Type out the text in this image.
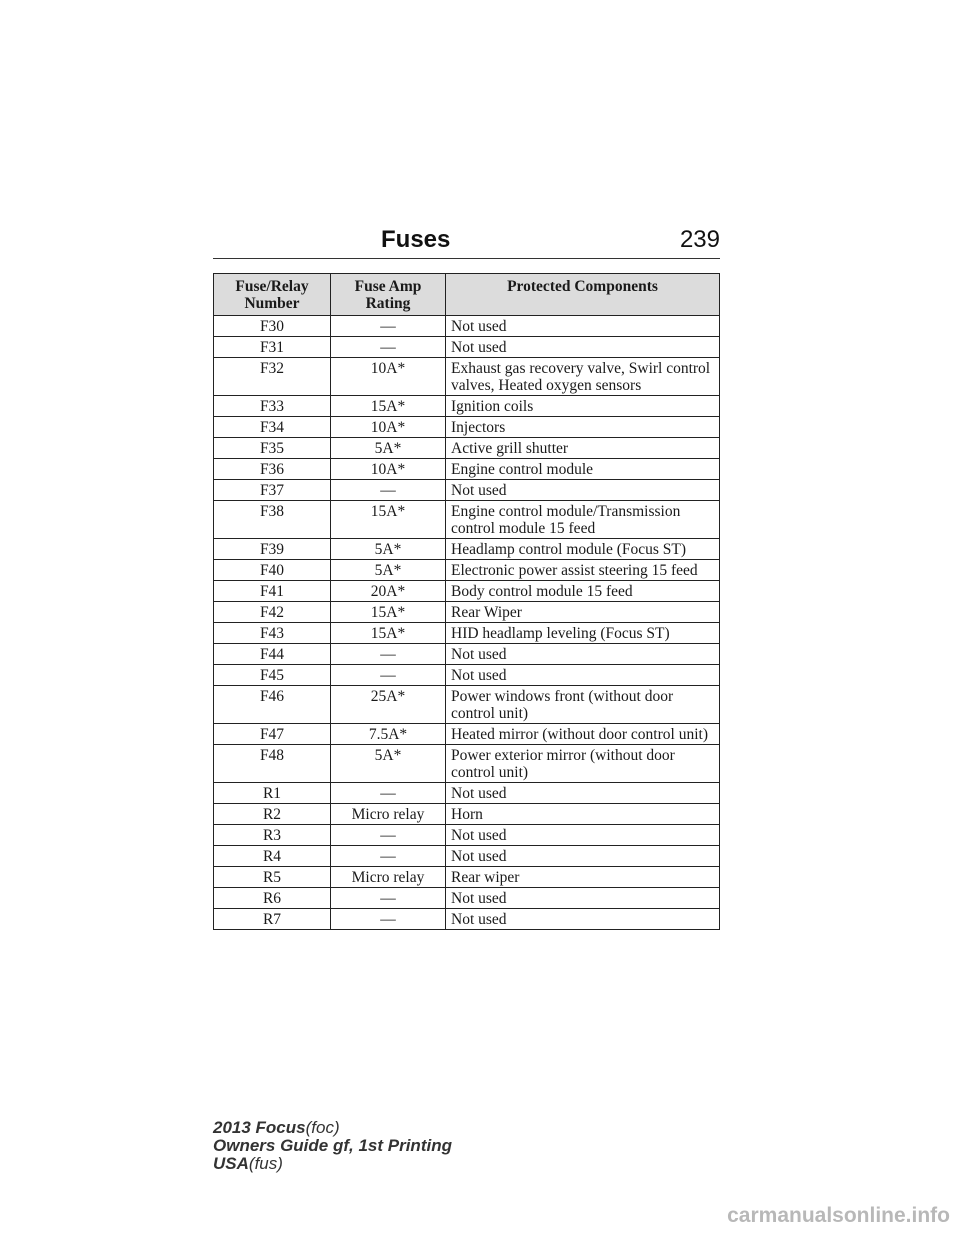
Fuses	239
Fuse/Relay Number	Fuse Amp Rating	Protected Components
F30	—	Not used
F31	—	Not used
F32	10A*	Exhaust gas recovery valve, Swirl control valves, Heated oxygen sensors
F33	15A*	Ignition coils
F34	10A*	Injectors
F35	5A*	Active grill shutter
F36	10A*	Engine control module
F37	—	Not used
F38	15A*	Engine control module/Transmission control module 15 feed
F39	5A*	Headlamp control module (Focus ST)
F40	5A*	Electronic power assist steering 15 feed
F41	20A*	Body control module 15 feed
F42	15A*	Rear Wiper
F43	15A*	HID headlamp leveling (Focus ST)
F44	—	Not used
F45	—	Not used
F46	25A*	Power windows front (without door control unit)
F47	7.5A*	Heated mirror (without door control unit)
F48	5A*	Power exterior mirror (without door control unit)
R1	—	Not used
R2	Micro relay	Horn
R3	—	Not used
R4	—	Not used
R5	Micro relay	Rear wiper
R6	—	Not used
R7	—	Not used
2013 Focus(foc)
Owners Guide gf, 1st Printing
USA(fus)
carmanualsonline.info
